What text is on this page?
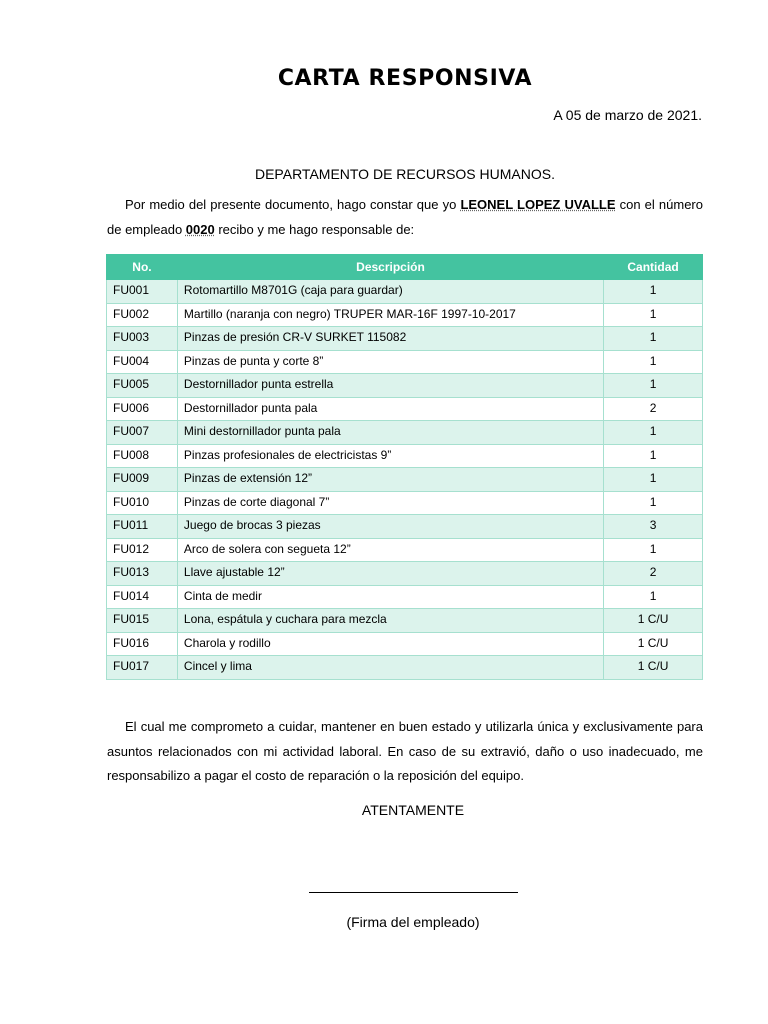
CARTA RESPONSIVA
A 05 de marzo de 2021.
DEPARTAMENTO DE RECURSOS HUMANOS.

Por medio del presente documento, hago constar que yo LEONEL LOPEZ UVALLE con el número de empleado 0020 recibo y me hago responsable de:

No.	Descripción	Cantidad
FU001	Rotomartillo M8701G (caja para guardar)	1
FU002	Martillo (naranja con negro) TRUPER MAR-16F 1997-10-2017	1
FU003	Pinzas de presión CR-V SURKET 115082	1
FU004	Pinzas de punta y corte 8”	1
FU005	Destornillador punta estrella	1
FU006	Destornillador punta pala	2
FU007	Mini destornillador punta pala	1
FU008	Pinzas profesionales de electricistas 9”	1
FU009	Pinzas de extensión 12”	1
FU010	Pinzas de corte diagonal 7”	1
FU011	Juego de brocas 3 piezas	3
FU012	Arco de solera con segueta 12”	1
FU013	Llave ajustable 12”	2
FU014	Cinta de medir	1
FU015	Lona, espátula y cuchara para mezcla	1 C/U
FU016	Charola y rodillo	1 C/U
FU017	Cincel y lima	1 C/U

El cual me comprometo a cuidar, mantener en buen estado y utilizarla única y exclusivamente para asuntos relacionados con mi actividad laboral. En caso de su extravió, daño o uso inadecuado, me responsabilizo a pagar el costo de reparación o la reposición del equipo.

ATENTAMENTE
(Firma del empleado)
